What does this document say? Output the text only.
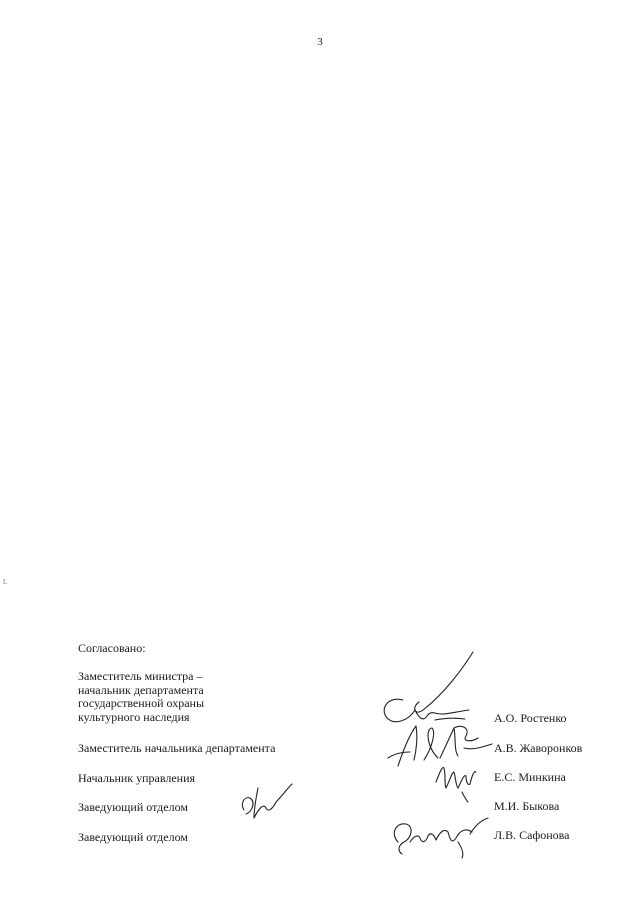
3
L
Согласовано:
Заместитель министра –
начальник департамента
государственной охраны
культурного наследия	А.О. Ростенко
Заместитель начальника департамента	А.В. Жаворонков
Начальник управления	Е.С. Минкина
Заведующий отделом	М.И. Быкова
Заведующий отделом	Л.В. Сафонова
